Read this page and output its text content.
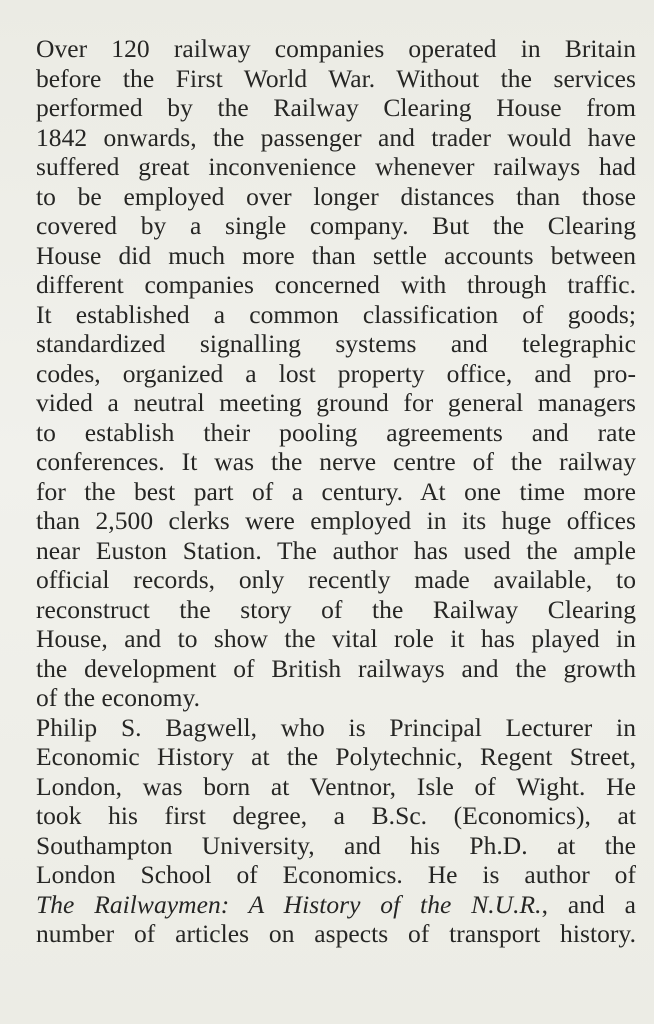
Over 120 railway companies operated in Britain
before the First World War. Without the services
performed by the Railway Clearing House from
1842 onwards, the passenger and trader would have
suffered great inconvenience whenever railways had
to be employed over longer distances than those
covered by a single company. But the Clearing
House did much more than settle accounts between
different companies concerned with through traffic.
It established a common classification of goods;
standardized signalling systems and telegraphic
codes, organized a lost property office, and pro-
vided a neutral meeting ground for general managers
to establish their pooling agreements and rate
conferences. It was the nerve centre of the railway
for the best part of a century. At one time more
than 2,500 clerks were employed in its huge offices
near Euston Station. The author has used the ample
official records, only recently made available, to
reconstruct the story of the Railway Clearing
House, and to show the vital role it has played in
the development of British railways and the growth
of the economy.
Philip S. Bagwell, who is Principal Lecturer in
Economic History at the Polytechnic, Regent Street,
London, was born at Ventnor, Isle of Wight. He
took his first degree, a B.Sc. (Economics), at
Southampton University, and his Ph.D. at the
London School of Economics. He is author of
The Railwaymen: A History of the N.U.R., and a
number of articles on aspects of transport history.
